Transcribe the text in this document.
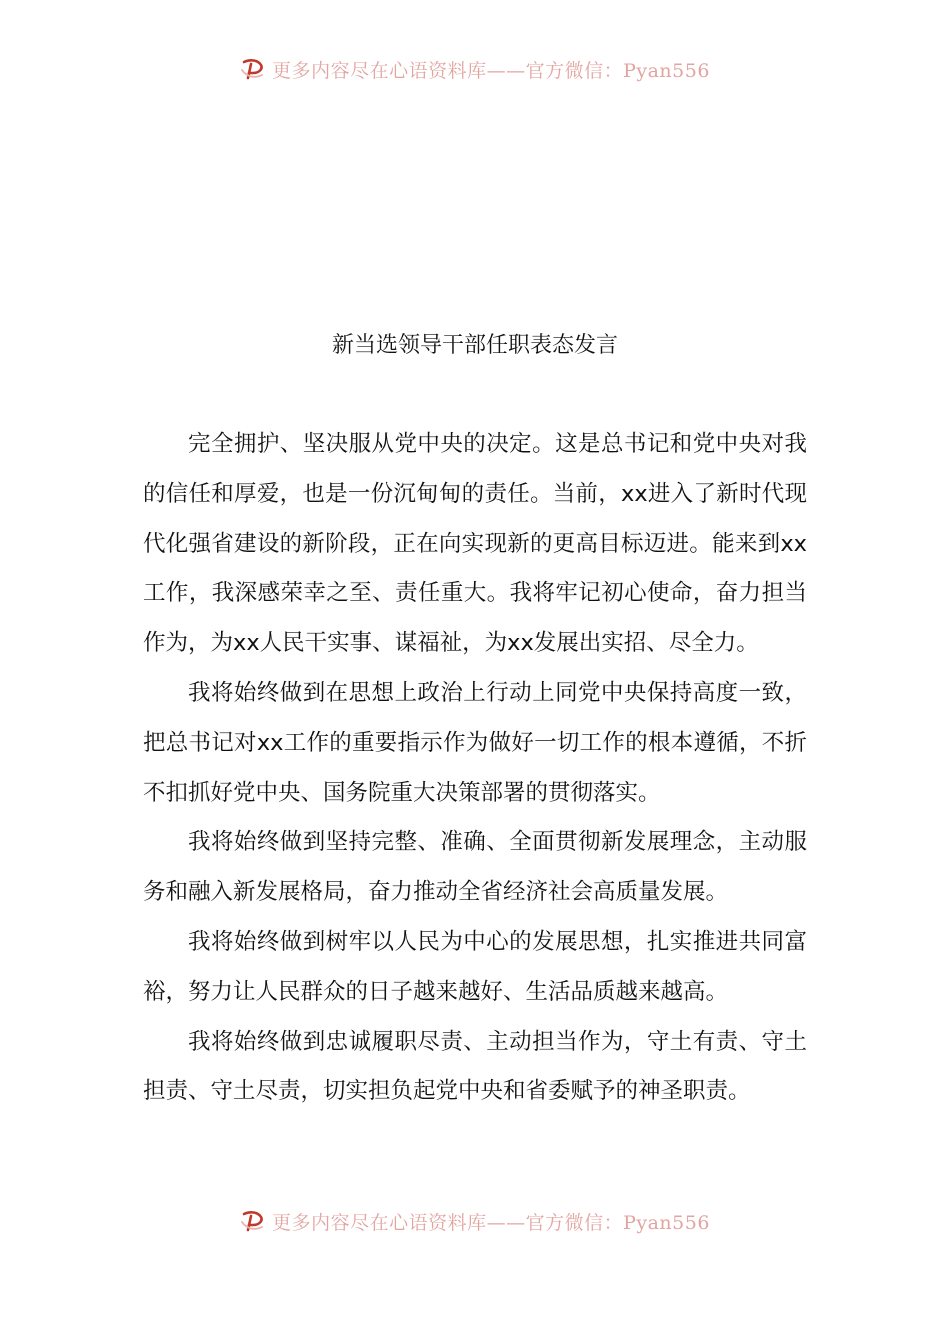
更多内容尽在心语资料库——官方微信：Pyan556
新当选领导干部任职表态发言

完全拥护、坚决服从党中央的决定。这是总书记和党中央对我的信任和厚爱，也是一份沉甸甸的责任。当前，xx进入了新时代现代化强省建设的新阶段，正在向实现新的更高目标迈进。能来到xx工作，我深感荣幸之至、责任重大。我将牢记初心使命，奋力担当作为，为xx人民干实事、谋福祉，为xx发展出实招、尽全力。

我将始终做到在思想上政治上行动上同党中央保持高度一致，把总书记对xx工作的重要指示作为做好一切工作的根本遵循，不折不扣抓好党中央、国务院重大决策部署的贯彻落实。

我将始终做到坚持完整、准确、全面贯彻新发展理念，主动服务和融入新发展格局，奋力推动全省经济社会高质量发展。

我将始终做到树牢以人民为中心的发展思想，扎实推进共同富裕，努力让人民群众的日子越来越好、生活品质越来越高。

我将始终做到忠诚履职尽责、主动担当作为，守土有责、守土担责、守土尽责，切实担负起党中央和省委赋予的神圣职责。

更多内容尽在心语资料库——官方微信：Pyan556
